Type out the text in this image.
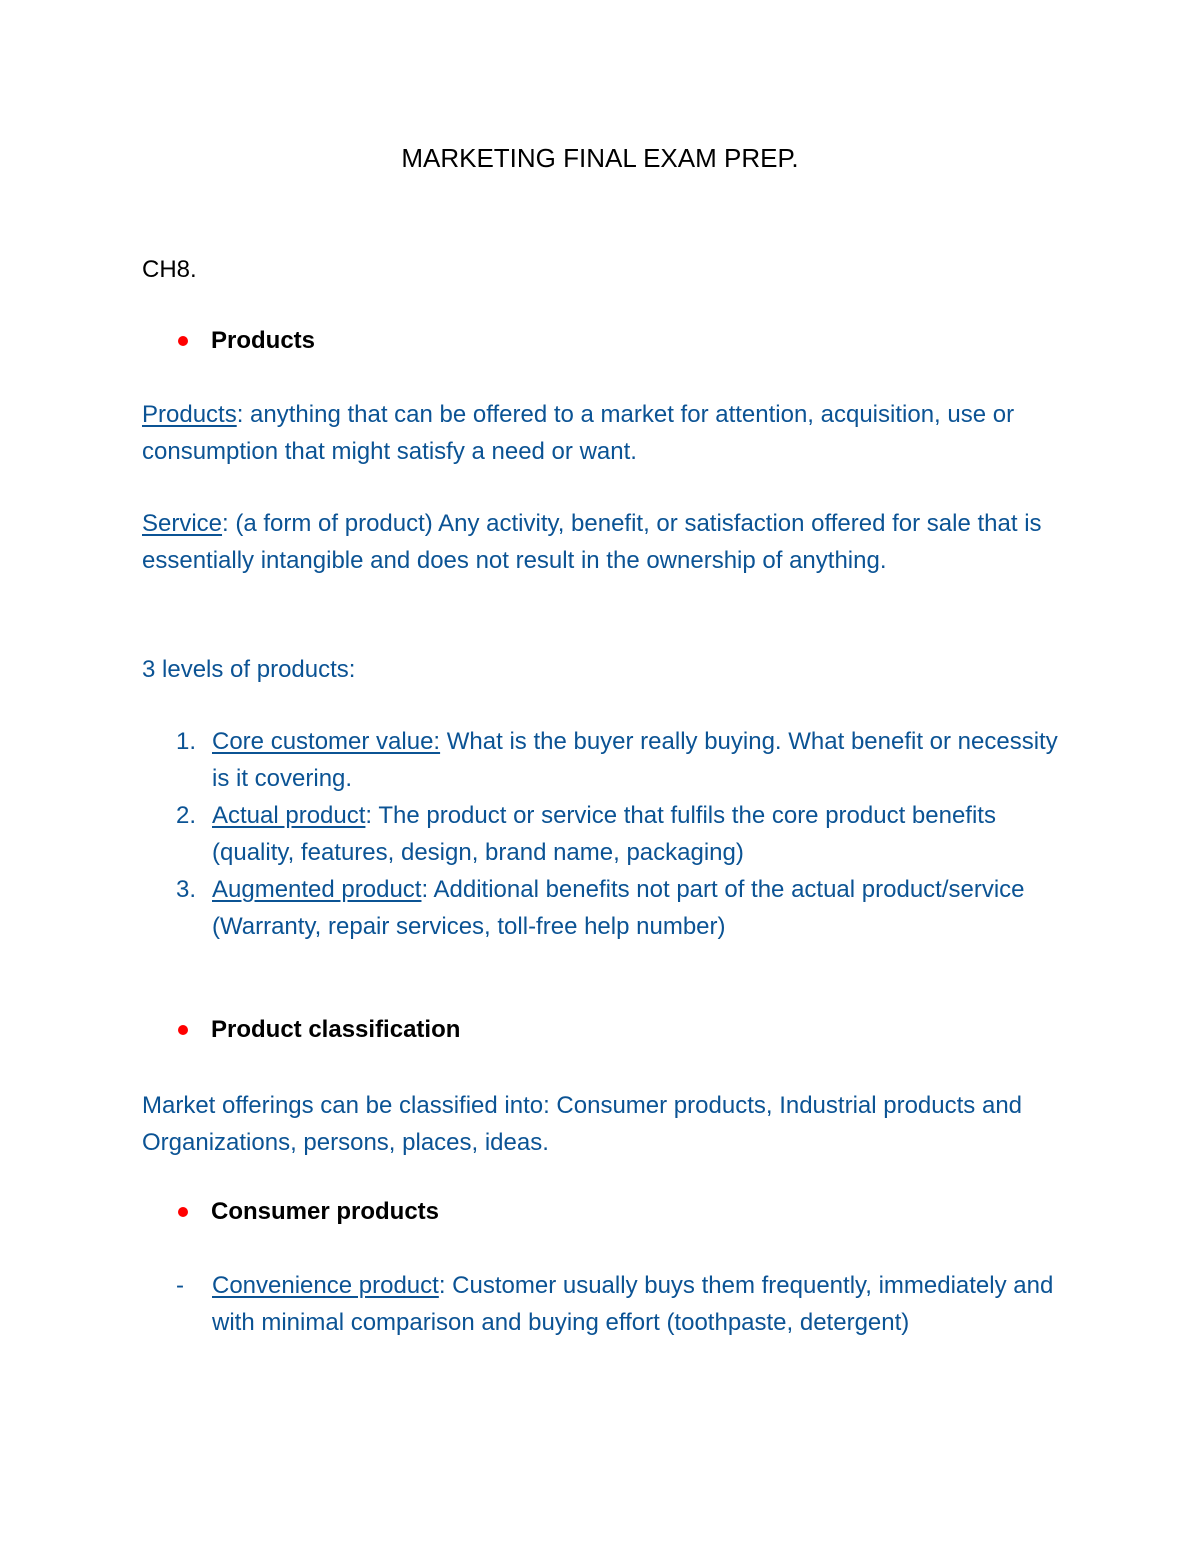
MARKETING FINAL EXAM PREP.
CH8.
Products
Products: anything that can be offered to a market for attention, acquisition, use or consumption that might satisfy a need or want.
Service: (a form of product) Any activity, benefit, or satisfaction offered for sale that is essentially intangible and does not result in the ownership of anything.
3 levels of products:
1. Core customer value: What is the buyer really buying. What benefit or necessity is it covering.
2. Actual product: The product or service that fulfils the core product benefits (quality, features, design, brand name, packaging)
3. Augmented product: Additional benefits not part of the actual product/service (Warranty, repair services, toll-free help number)
Product classification
Market offerings can be classified into: Consumer products, Industrial products and Organizations, persons, places, ideas.
Consumer products
- Convenience product: Customer usually buys them frequently, immediately and with minimal comparison and buying effort (toothpaste, detergent)
